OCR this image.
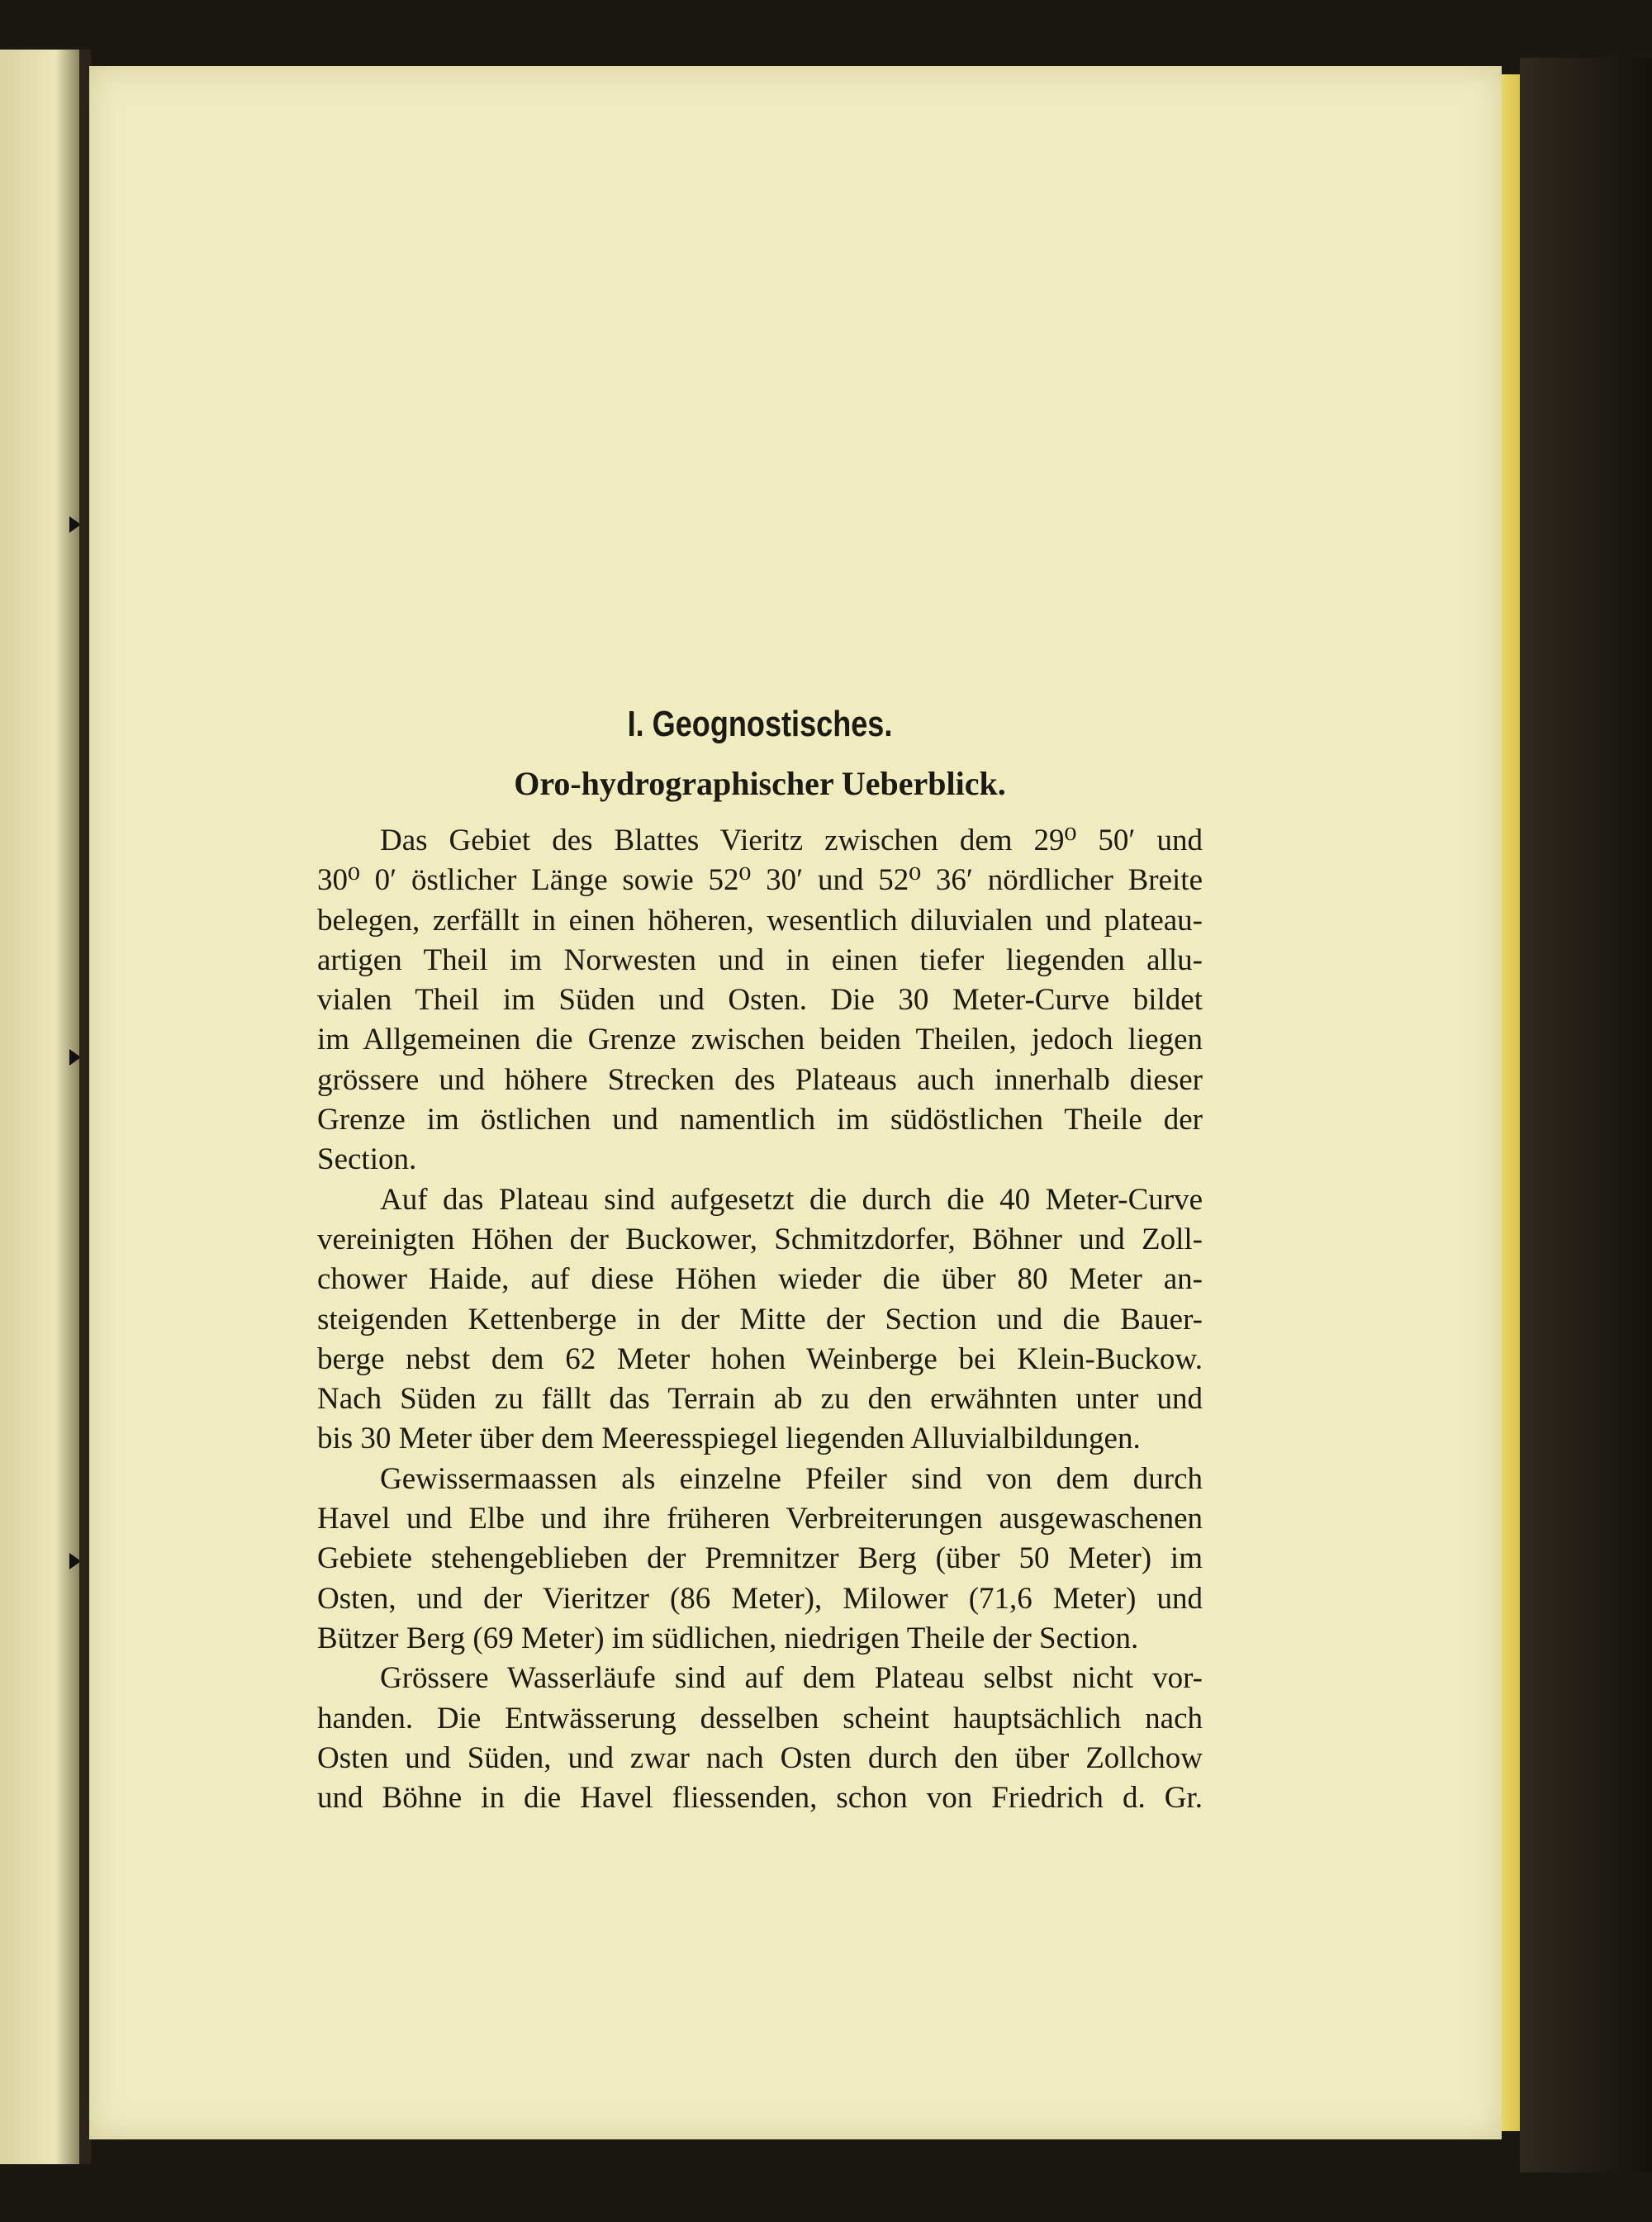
I. Geognostisches.
Oro-hydrographischer Ueberblick.
Das Gebiet des Blattes Vieritz zwischen dem 29⁰ 50′ und
30⁰ 0′ östlicher Länge sowie 52⁰ 30′ und 52⁰ 36′ nördlicher Breite
belegen, zerfällt in einen höheren, wesentlich diluvialen und plateau-
artigen Theil im Norwesten und in einen tiefer liegenden allu-
vialen Theil im Süden und Osten. Die 30 Meter-Curve bildet
im Allgemeinen die Grenze zwischen beiden Theilen, jedoch liegen
grössere und höhere Strecken des Plateaus auch innerhalb dieser
Grenze im östlichen und namentlich im südöstlichen Theile der
Section.
Auf das Plateau sind aufgesetzt die durch die 40 Meter-Curve
vereinigten Höhen der Buckower, Schmitzdorfer, Böhner und Zoll-
chower Haide, auf diese Höhen wieder die über 80 Meter an-
steigenden Kettenberge in der Mitte der Section und die Bauer-
berge nebst dem 62 Meter hohen Weinberge bei Klein-Buckow.
Nach Süden zu fällt das Terrain ab zu den erwähnten unter und
bis 30 Meter über dem Meeresspiegel liegenden Alluvialbildungen.
Gewissermaassen als einzelne Pfeiler sind von dem durch
Havel und Elbe und ihre früheren Verbreiterungen ausgewaschenen
Gebiete stehengeblieben der Premnitzer Berg (über 50 Meter) im
Osten, und der Vieritzer (86 Meter), Milower (71,6 Meter) und
Bützer Berg (69 Meter) im südlichen, niedrigen Theile der Section.
Grössere Wasserläufe sind auf dem Plateau selbst nicht vor-
handen. Die Entwässerung desselben scheint hauptsächlich nach
Osten und Süden, und zwar nach Osten durch den über Zollchow
und Böhne in die Havel fliessenden, schon von Friedrich d. Gr.
